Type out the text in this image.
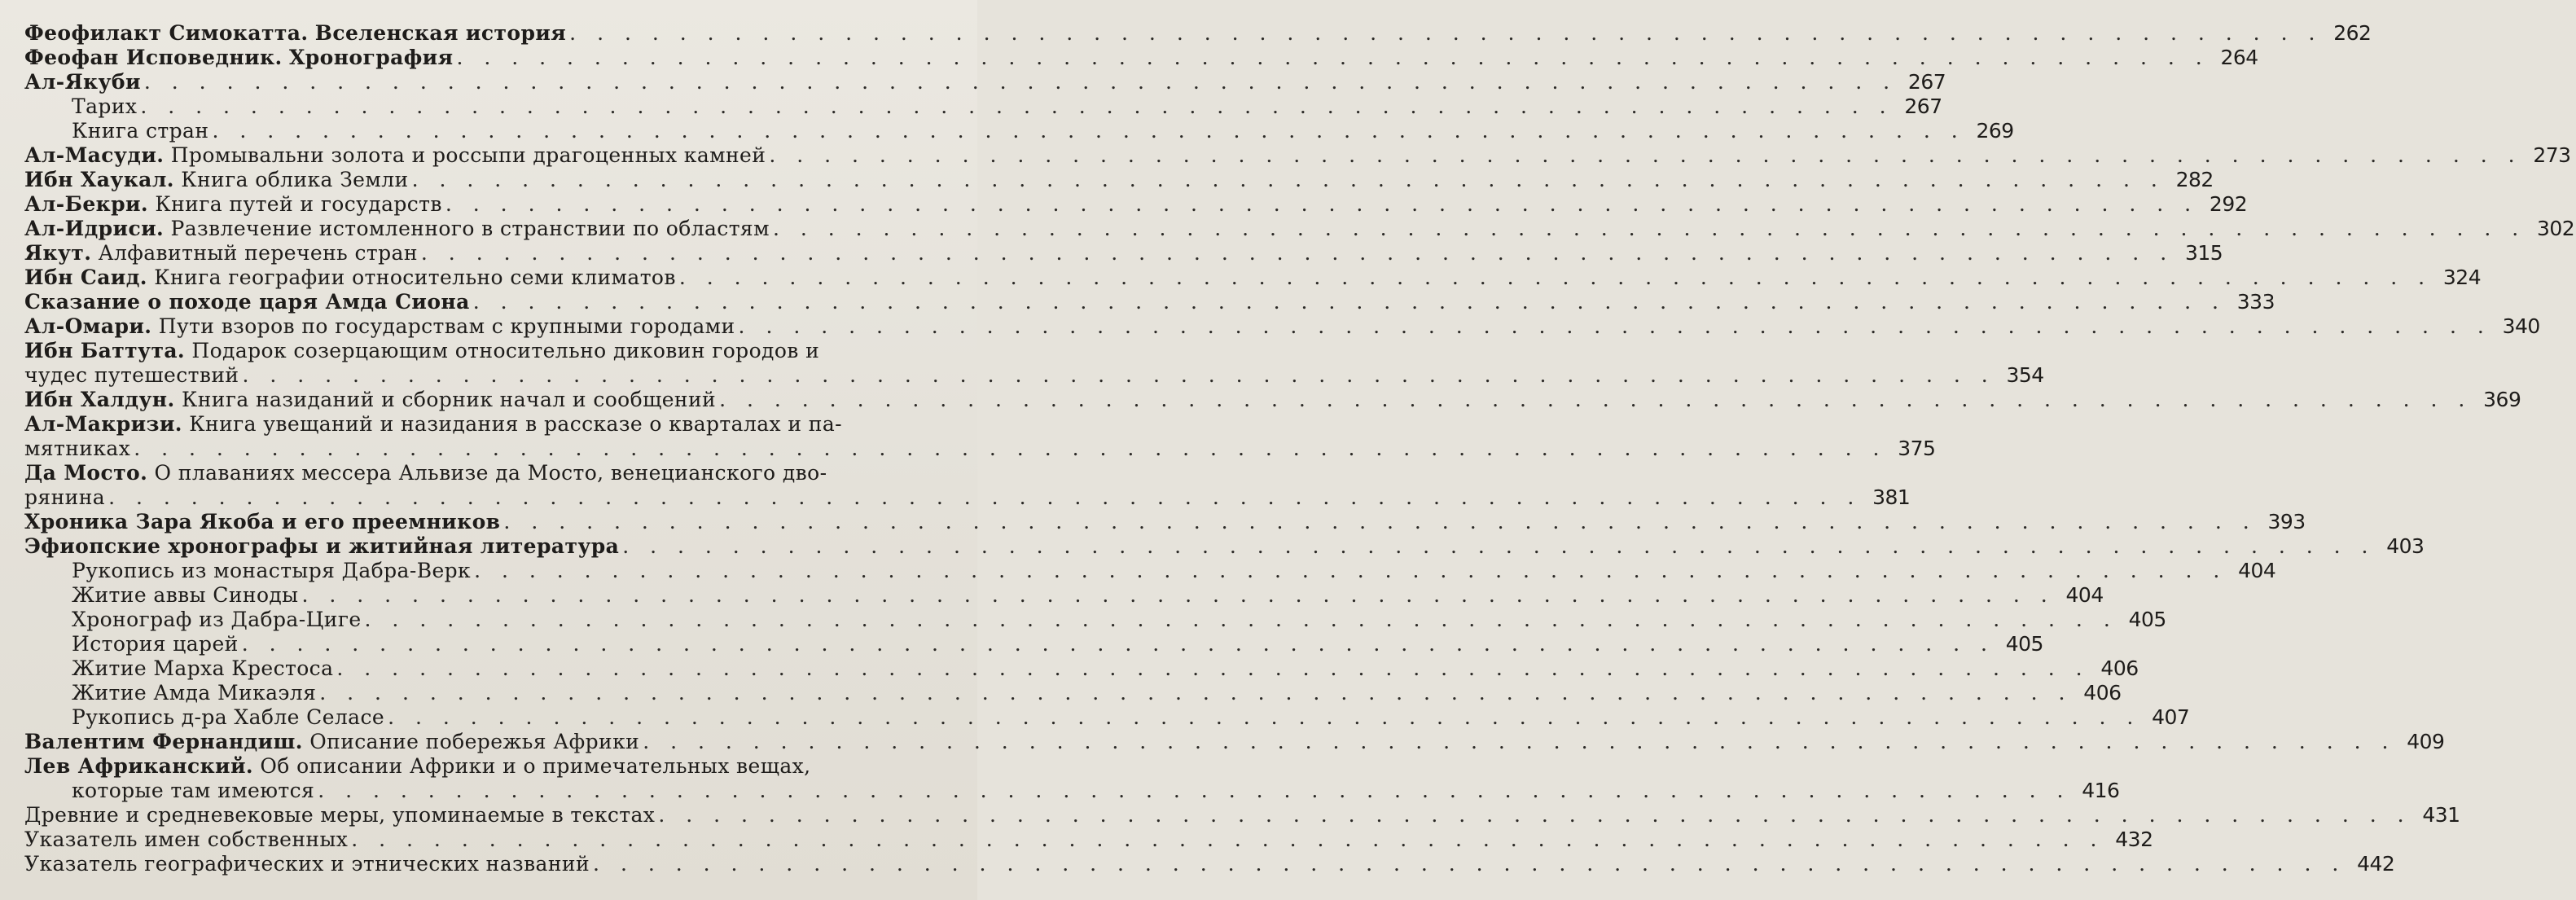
Феофилакт Симокатта. Вселенская история . . . . . . . . . . . . . . . . . . . . . . . . . . . . . . . . . . . . . . . . . . . . . . . . . . . . . . . . . . . . . . . . 262
Феофан Исповедник. Хронография . . . . . . . . . . . . . . . . . . . . . . . . . . . . . . . . . . . . . . . . . . . . . . . . . . . . . . . . . . . . . . . . 264
Ал-Якуби . . . . . . . . . . . . . . . . . . . . . . . . . . . . . . . . . . . . . . . . . . . . . . . . . . . . . . . . . . . . . . . . 267
Тарих . . . . . . . . . . . . . . . . . . . . . . . . . . . . . . . . . . . . . . . . . . . . . . . . . . . . . . . . . . . . . . . . 267
Книга стран . . . . . . . . . . . . . . . . . . . . . . . . . . . . . . . . . . . . . . . . . . . . . . . . . . . . . . . . . . . . . . . . 269
Ал-Масуди. Промывальни золота и россыпи драгоценных камней . . . . . . . . . . . . . . . . . . . . . . . . . . . . . . . . . . . . . . . . . . . . . . . . . . . . . . . . . . . . . . . . 273
Ибн Хаукал. Книга облика Земли . . . . . . . . . . . . . . . . . . . . . . . . . . . . . . . . . . . . . . . . . . . . . . . . . . . . . . . . . . . . . . . . 282
Ал-Бекри. Книга путей и государств . . . . . . . . . . . . . . . . . . . . . . . . . . . . . . . . . . . . . . . . . . . . . . . . . . . . . . . . . . . . . . . . 292
Ал-Идриси. Развлечение истомленного в странствии по областям . . . . . . . . . . . . . . . . . . . . . . . . . . . . . . . . . . . . . . . . . . . . . . . . . . . . . . . . . . . . . . . . 302
Якут. Алфавитный перечень стран . . . . . . . . . . . . . . . . . . . . . . . . . . . . . . . . . . . . . . . . . . . . . . . . . . . . . . . . . . . . . . . . 315
Ибн Саид. Книга географии относительно семи климатов . . . . . . . . . . . . . . . . . . . . . . . . . . . . . . . . . . . . . . . . . . . . . . . . . . . . . . . . . . . . . . . . 324
Сказание о походе царя Амда Сиона . . . . . . . . . . . . . . . . . . . . . . . . . . . . . . . . . . . . . . . . . . . . . . . . . . . . . . . . . . . . . . . . 333
Ал-Омари. Пути взоров по государствам с крупными городами . . . . . . . . . . . . . . . . . . . . . . . . . . . . . . . . . . . . . . . . . . . . . . . . . . . . . . . . . . . . . . . . 340
Ибн Баттута. Подарок созерцающим относительно диковин городов и
чудес путешествий . . . . . . . . . . . . . . . . . . . . . . . . . . . . . . . . . . . . . . . . . . . . . . . . . . . . . . . . . . . . . . . . 354
Ибн Халдун. Книга назиданий и сборник начал и сообщений . . . . . . . . . . . . . . . . . . . . . . . . . . . . . . . . . . . . . . . . . . . . . . . . . . . . . . . . . . . . . . . . 369
Ал-Макризи. Книга увещаний и назидания в рассказе о кварталах и па-
мятниках . . . . . . . . . . . . . . . . . . . . . . . . . . . . . . . . . . . . . . . . . . . . . . . . . . . . . . . . . . . . . . . . 375
Да Мосто. О плаваниях мессера Альвизе да Мосто, венецианского дво-
рянина . . . . . . . . . . . . . . . . . . . . . . . . . . . . . . . . . . . . . . . . . . . . . . . . . . . . . . . . . . . . . . . . 381
Хроника Зара Якоба и его преемников . . . . . . . . . . . . . . . . . . . . . . . . . . . . . . . . . . . . . . . . . . . . . . . . . . . . . . . . . . . . . . . . 393
Эфиопские хронографы и житийная литература . . . . . . . . . . . . . . . . . . . . . . . . . . . . . . . . . . . . . . . . . . . . . . . . . . . . . . . . . . . . . . . . 403
Рукопись из монастыря Дабра-Верк . . . . . . . . . . . . . . . . . . . . . . . . . . . . . . . . . . . . . . . . . . . . . . . . . . . . . . . . . . . . . . . . 404
Житие аввы Синоды . . . . . . . . . . . . . . . . . . . . . . . . . . . . . . . . . . . . . . . . . . . . . . . . . . . . . . . . . . . . . . . . 404
Хронограф из Дабра-Циге . . . . . . . . . . . . . . . . . . . . . . . . . . . . . . . . . . . . . . . . . . . . . . . . . . . . . . . . . . . . . . . . 405
История царей . . . . . . . . . . . . . . . . . . . . . . . . . . . . . . . . . . . . . . . . . . . . . . . . . . . . . . . . . . . . . . . . 405
Житие Марха Крестоса . . . . . . . . . . . . . . . . . . . . . . . . . . . . . . . . . . . . . . . . . . . . . . . . . . . . . . . . . . . . . . . . 406
Житие Амда Микаэля . . . . . . . . . . . . . . . . . . . . . . . . . . . . . . . . . . . . . . . . . . . . . . . . . . . . . . . . . . . . . . . . 406
Рукопись д-ра Хабле Селасе . . . . . . . . . . . . . . . . . . . . . . . . . . . . . . . . . . . . . . . . . . . . . . . . . . . . . . . . . . . . . . . . 407
Валентим Фернандиш. Описание побережья Африки . . . . . . . . . . . . . . . . . . . . . . . . . . . . . . . . . . . . . . . . . . . . . . . . . . . . . . . . . . . . . . . . 409
Лев Африканский. Об описании Африки и о примечательных вещах,
которые там имеются . . . . . . . . . . . . . . . . . . . . . . . . . . . . . . . . . . . . . . . . . . . . . . . . . . . . . . . . . . . . . . . . 416
Древние и средневековые меры, упоминаемые в текстах . . . . . . . . . . . . . . . . . . . . . . . . . . . . . . . . . . . . . . . . . . . . . . . . . . . . . . . . . . . . . . . . 431
Указатель имен собственных . . . . . . . . . . . . . . . . . . . . . . . . . . . . . . . . . . . . . . . . . . . . . . . . . . . . . . . . . . . . . . . . 432
Указатель географических и этнических названий . . . . . . . . . . . . . . . . . . . . . . . . . . . . . . . . . . . . . . . . . . . . . . . . . . . . . . . . . . . . . . . . 442
